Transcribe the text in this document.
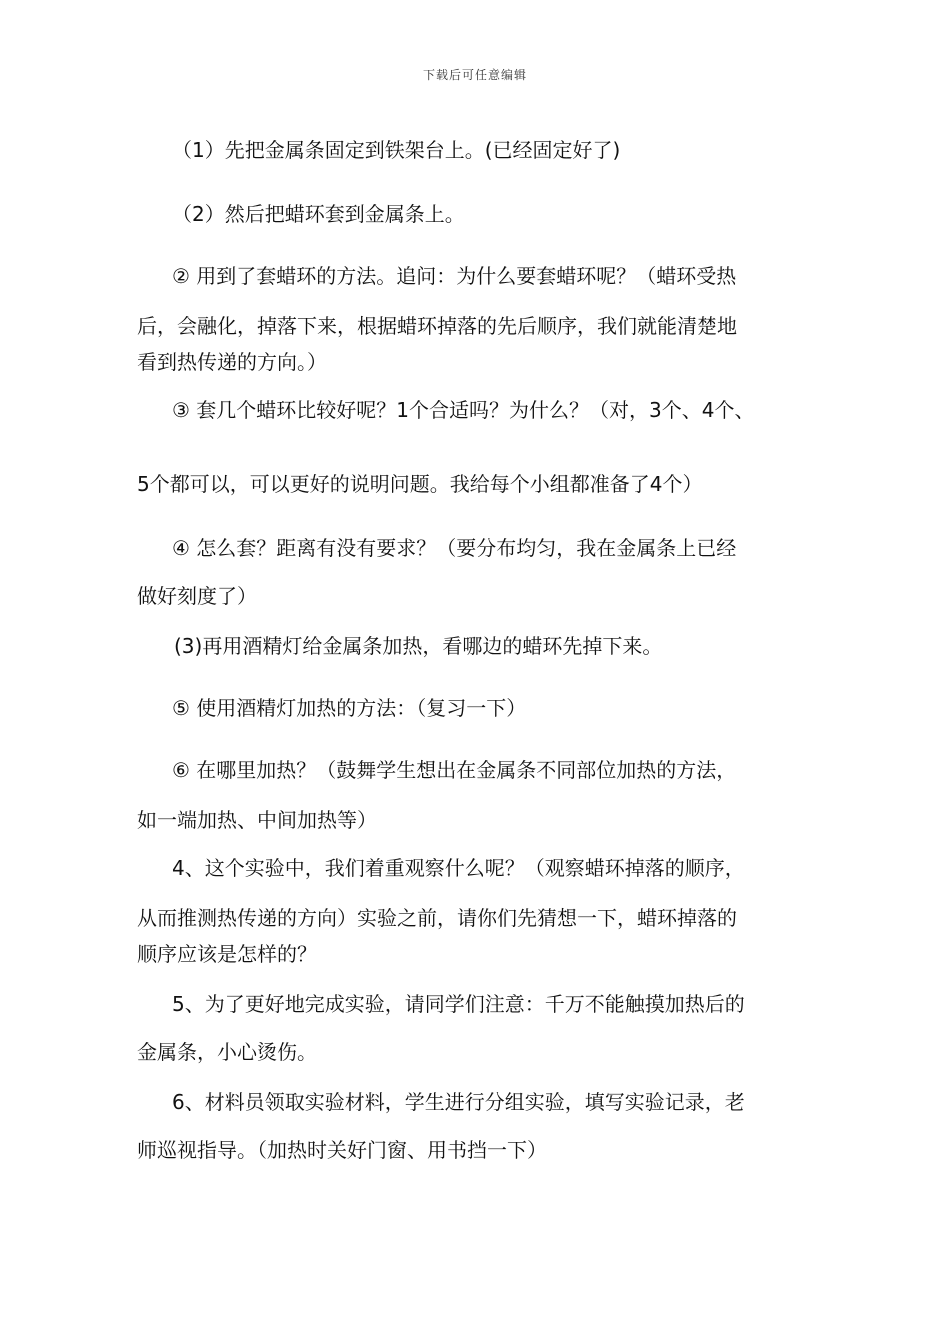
下载后可任意编辑
（1）先把金属条固定到铁架台上。(已经固定好了)
（2）然后把蜡环套到金属条上。
② 用到了套蜡环的方法。追问：为什么要套蜡环呢？（蜡环受热
后，会融化，掉落下来，根据蜡环掉落的先后顺序，我们就能清楚地
看到热传递的方向。）
③ 套几个蜡环比较好呢？1个合适吗？为什么？（对，3个、4个、
5个都可以，可以更好的说明问题。我给每个小组都准备了4个）
④ 怎么套？距离有没有要求？（要分布均匀，我在金属条上已经
做好刻度了）
(3)再用酒精灯给金属条加热，看哪边的蜡环先掉下来。
⑤ 使用酒精灯加热的方法：（复习一下）
⑥ 在哪里加热？（鼓舞学生想出在金属条不同部位加热的方法，
如一端加热、中间加热等）
4、这个实验中，我们着重观察什么呢？（观察蜡环掉落的顺序，
从而推测热传递的方向）实验之前，请你们先猜想一下，蜡环掉落的
顺序应该是怎样的？
5、为了更好地完成实验，请同学们注意：千万不能触摸加热后的
金属条，小心烫伤。
6、材料员领取实验材料，学生进行分组实验，填写实验记录，老
师巡视指导。（加热时关好门窗、用书挡一下）
